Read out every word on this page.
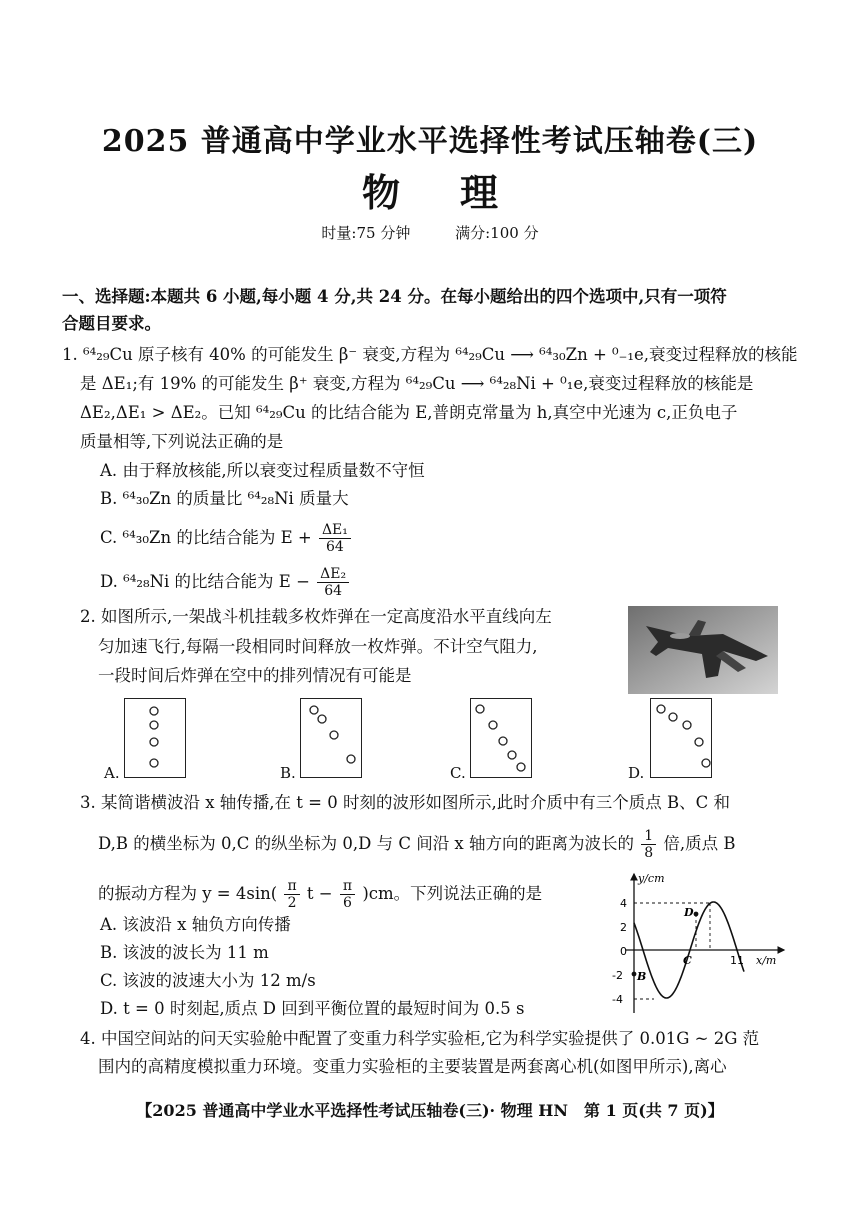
2025 普通高中学业水平选择性考试压轴卷(三)
物理
时量:75 分钟	满分:100 分
一、选择题:本题共 6 小题,每小题 4 分,共 24 分。在每小题给出的四个选项中,只有一项符
合题目要求。
1. ⁶⁴₂₉Cu 原子核有 40% 的可能发生 β⁻ 衰变,方程为 ⁶⁴₂₉Cu ⟶ ⁶⁴₃₀Zn + ⁰₋₁e,衰变过程释放的核能
是 ΔE₁;有 19% 的可能发生 β⁺ 衰变,方程为 ⁶⁴₂₉Cu ⟶ ⁶⁴₂₈Ni + ⁰₁e,衰变过程释放的核能是
ΔE₂,ΔE₁ > ΔE₂。已知 ⁶⁴₂₉Cu 的比结合能为 E,普朗克常量为 h,真空中光速为 c,正负电子
质量相等,下列说法正确的是
A. 由于释放核能,所以衰变过程质量数不守恒
B. ⁶⁴₃₀Zn 的质量比 ⁶⁴₂₈Ni 质量大
C. ⁶⁴₃₀Zn 的比结合能为 $E + \frac{\text{ΔE₁}}{64}$
D. ⁶⁴₂₈Ni 的比结合能为 $E - \frac{\text{ΔE₂}}{64}$
2. 如图所示,一架战斗机挂载多枚炸弹在一定高度沿水平直线向左
匀加速飞行,每隔一段相同时间释放一枚炸弹。不计空气阻力,
一段时间后炸弹在空中的排列情况有可能是
A.	B.	C.	D.
3. 某简谐横波沿 x 轴传播,在 t = 0 时刻的波形如图所示,此时介质中有三个质点 B、C 和
D,B 的横坐标为 0,C 的纵坐标为 0,D 与 C 间沿 x 轴方向的距离为波长的 $\frac{1}{8}$ 倍,质点 B
的振动方程为 $y = 4\sin( \frac{\pi}{2}$ $t - \frac{\pi}{6} )cm$。下列说法正确的是
A. 该波沿 x 轴负方向传播
B. 该波的波长为 11 m
C. 该波的波速大小为 12 m/s
D. t = 0 时刻起,质点 D 回到平衡位置的最短时间为 0.5 s
y/cm
x/m
4
2
0
-2
-4
B
C
D
11
4. 中国空间站的问天实验舱中配置了变重力科学实验柜,它为科学实验提供了 0.01G ~ 2G 范
围内的高精度模拟重力环境。变重力实验柜的主要装置是两套离心机(如图甲所示),离心
【2025 普通高中学业水平选择性考试压轴卷(三)· 物理 HN　第 1 页(共 7 页)】
